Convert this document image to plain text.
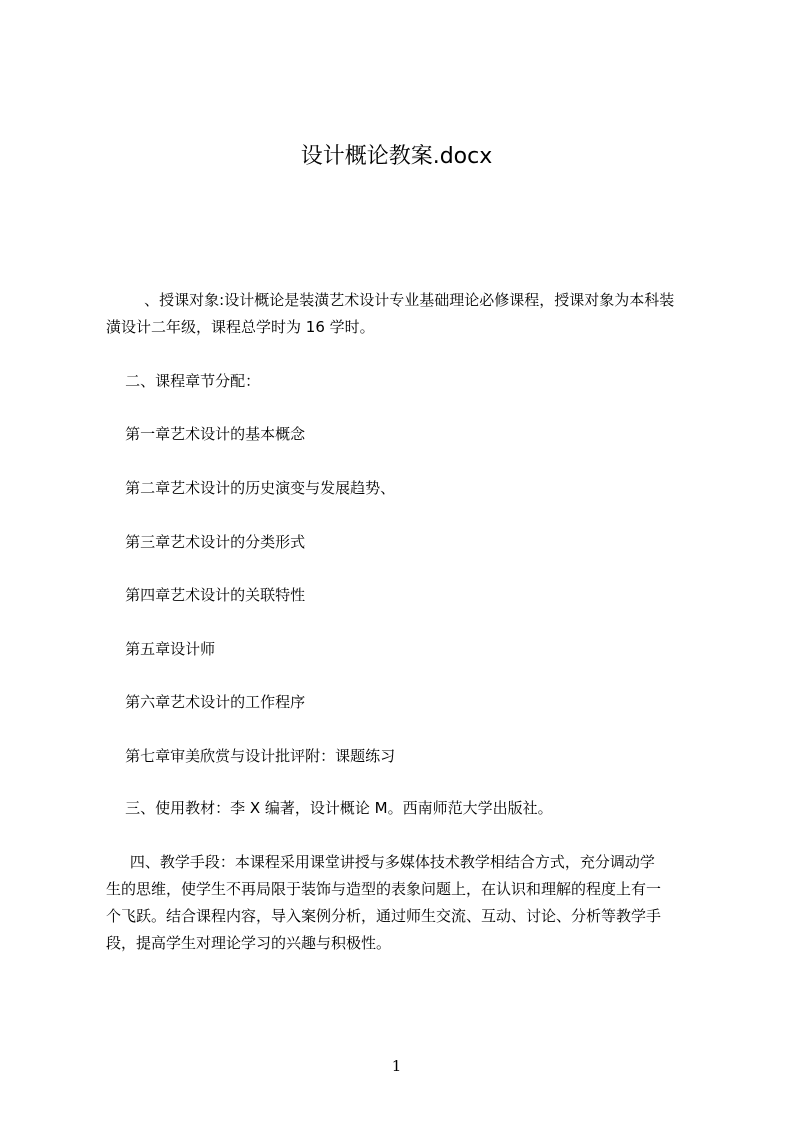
设计概论教案.docx
、授课对象:设计概论是装潢艺术设计专业基础理论必修课程，授课对象为本科装
潢设计二年级，课程总学时为 16 学时。
二、课程章节分配：
第一章艺术设计的基本概念
第二章艺术设计的历史演变与发展趋势、
第三章艺术设计的分类形式
第四章艺术设计的关联特性
第五章设计师
第六章艺术设计的工作程序
第七章审美欣赏与设计批评附：课题练习
三、使用教材：李 X 编著，设计概论 M。西南师范大学出版社。
四、教学手段：本课程采用课堂讲授与多媒体技术教学相结合方式，充分调动学
生的思维，使学生不再局限于装饰与造型的表象问题上，在认识和理解的程度上有一
个飞跃。结合课程内容，导入案例分析，通过师生交流、互动、讨论、分析等教学手
段，提高学生对理论学习的兴趣与积极性。
1
